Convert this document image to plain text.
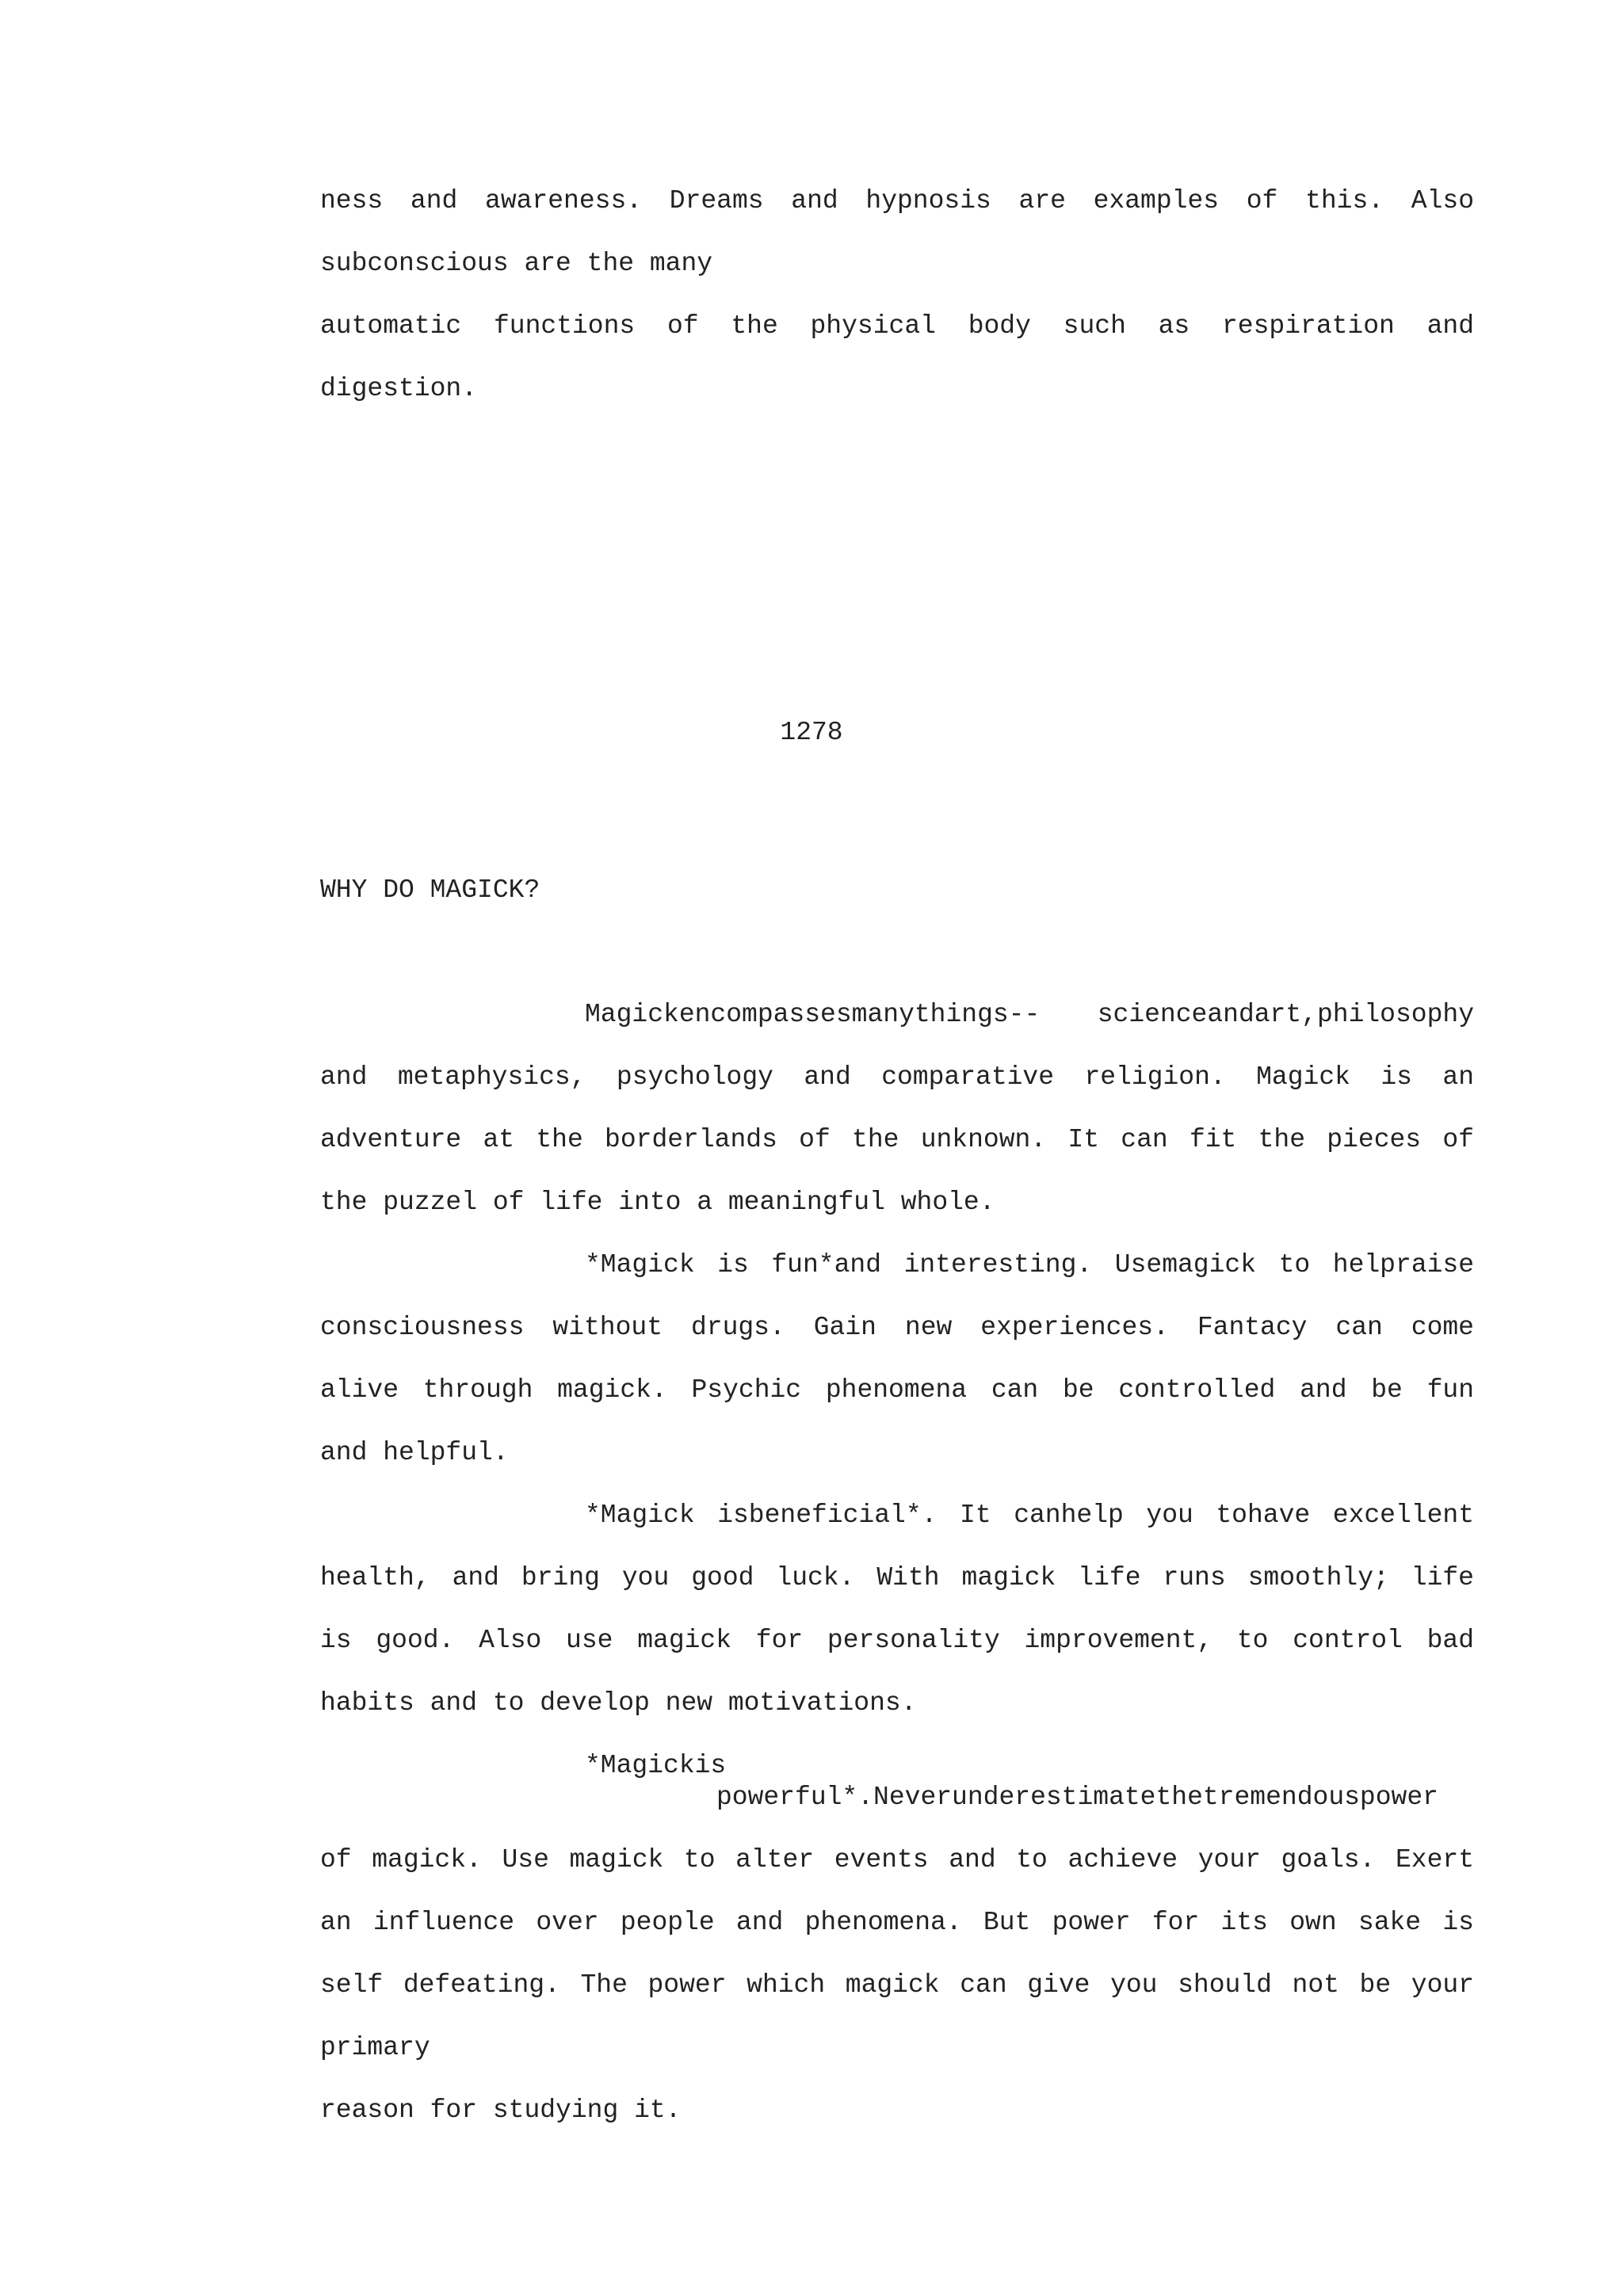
ness and awareness. Dreams and hypnosis are examples of this. Also
subconscious are the many
automatic functions of the physical body such as respiration and
digestion.
1278
WHY DO MAGICK?
Magickencompassesmanythings-- scienceandart,philosophy
and metaphysics, psychology and comparative religion. Magick is an
adventure at the borderlands of the unknown. It can fit the pieces of
the puzzel of life into a meaningful whole.
*Magick is fun*and interesting. Usemagick to helpraise
consciousness without drugs. Gain new experiences. Fantacy can come
alive through magick. Psychic phenomena can be controlled and be fun
and helpful.
*Magick isbeneficial*. It canhelp you tohave excellent
health, and bring you good luck. With magick life runs smoothly; life
is good. Also use magick for personality improvement, to control bad
habits and to develop new motivations.
*Magickis
powerful*.Neverunderestimatethetremendouspower
of magick. Use magick to alter events and to achieve your goals. Exert
an influence over people and phenomena. But power for its own sake is
self defeating. The power which magick can give you should not be your
primary
reason for studying it.
